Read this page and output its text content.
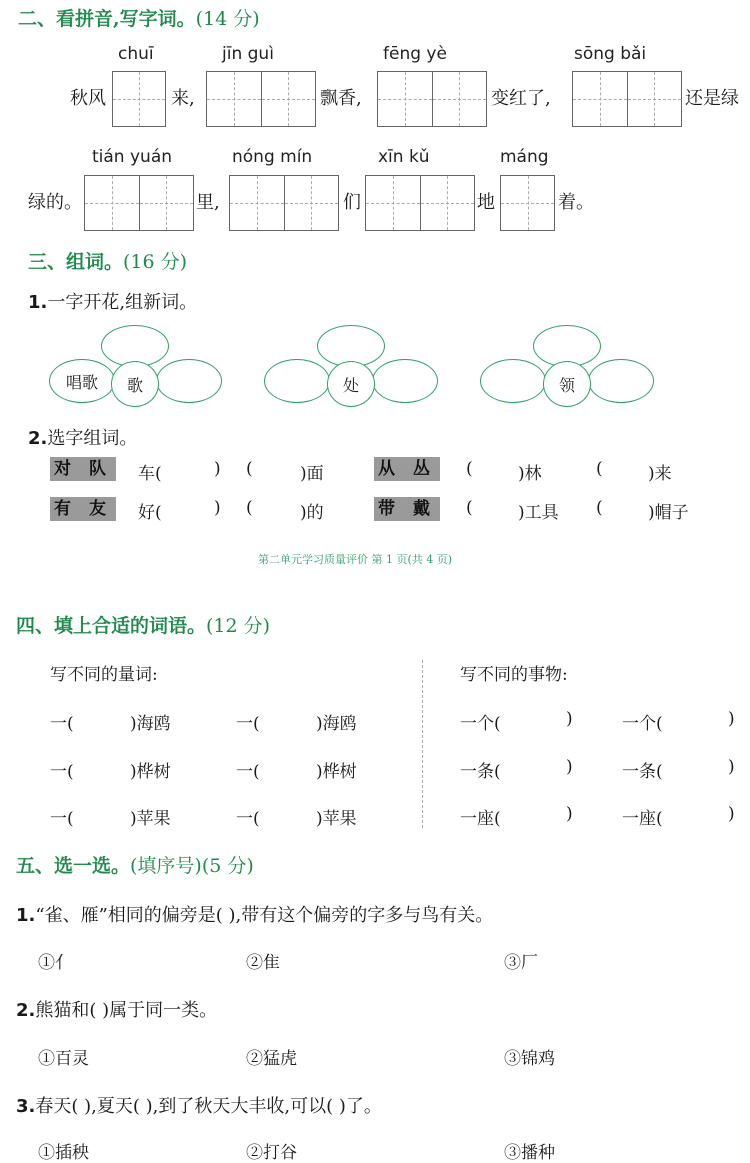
二、看拼音,写字词。(14 分)
chuī	jīn guì	fēng yè	sōng bǎi
秋风	来,	飘香,	变红了,	还是绿
tián yuán	nóng mín	xīn kǔ	máng
绿的。	里,	们	地	着。
三、组词。(16 分)
1.一字开花,组新词。
唱歌	歌	处	领
2.选字组词。
对 队 车(	) (	)面	从 丛 (	)林	(	)来
有 友 好(	) (	)的	带 戴 (	)工具 (	)帽子
第二单元学习质量评价 第 1 页(共 4 页)
四、填上合适的词语。(12 分)
写不同的量词:	写不同的事物:
一(	)海鸥	一(	)海鸥
一(	)桦树	一(	)桦树
一(	)苹果	一(	)苹果
一个(	)	一个(	)
一条(	)	一条(	)
一座(	)	一座(	)
五、选一选。(填序号)(5 分)
1.“雀、雁”相同的偏旁是( ),带有这个偏旁的字多与鸟有关。
①亻	②隹	③厂
2.熊猫和( )属于同一类。
①百灵	②猛虎	③锦鸡
3.春天( ),夏天( ),到了秋天大丰收,可以( )了。
①插秧	②打谷	③播种
